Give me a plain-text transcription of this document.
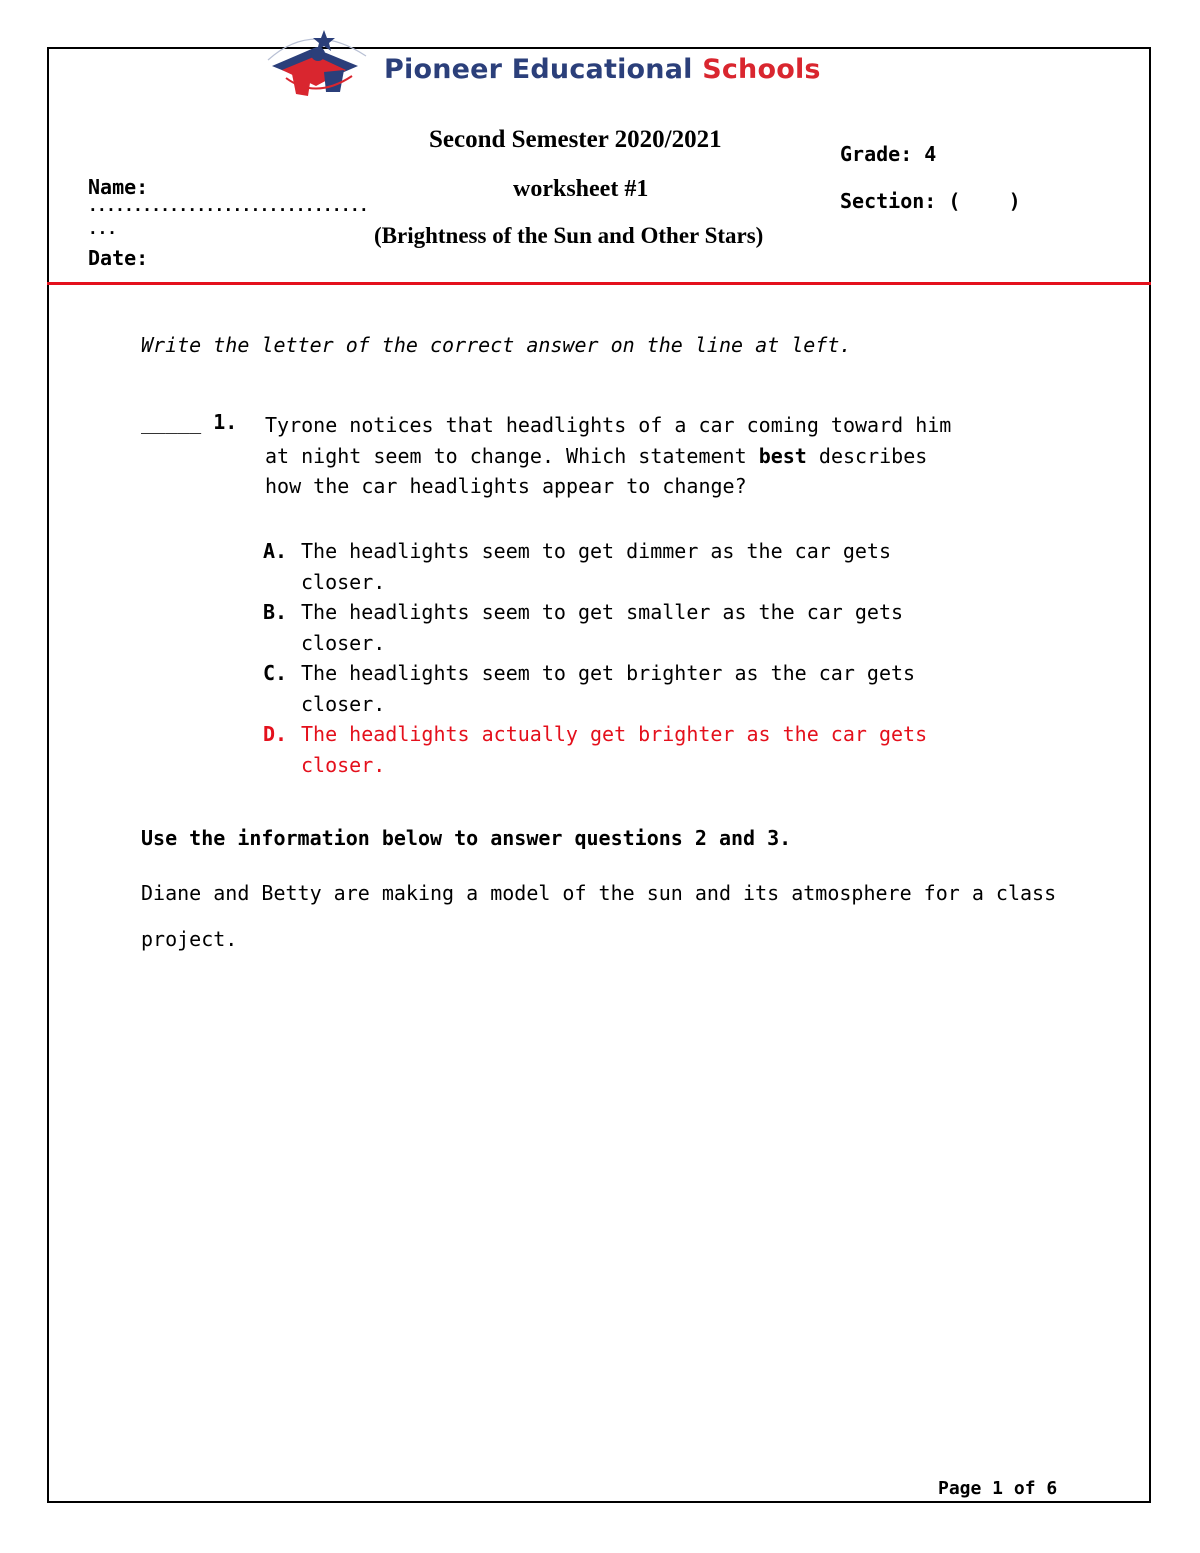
Pioneer Educational Schools
Second Semester 2020/2021
worksheet #1
(Brightness of the Sun and Other Stars)
Name:
...............................
...
Date:
Grade: 4
Section: (    )
Write the letter of the correct answer on the line at left.
_____ 1. Tyrone notices that headlights of a car coming toward him at night seem to change. Which statement best describes how the car headlights appear to change?
A. The headlights seem to get dimmer as the car gets closer.
B. The headlights seem to get smaller as the car gets closer.
C. The headlights seem to get brighter as the car gets closer.
D. The headlights actually get brighter as the car gets closer.
Use the information below to answer questions 2 and 3.
Diane and Betty are making a model of the sun and its atmosphere for a class project.
Page 1 of 6
